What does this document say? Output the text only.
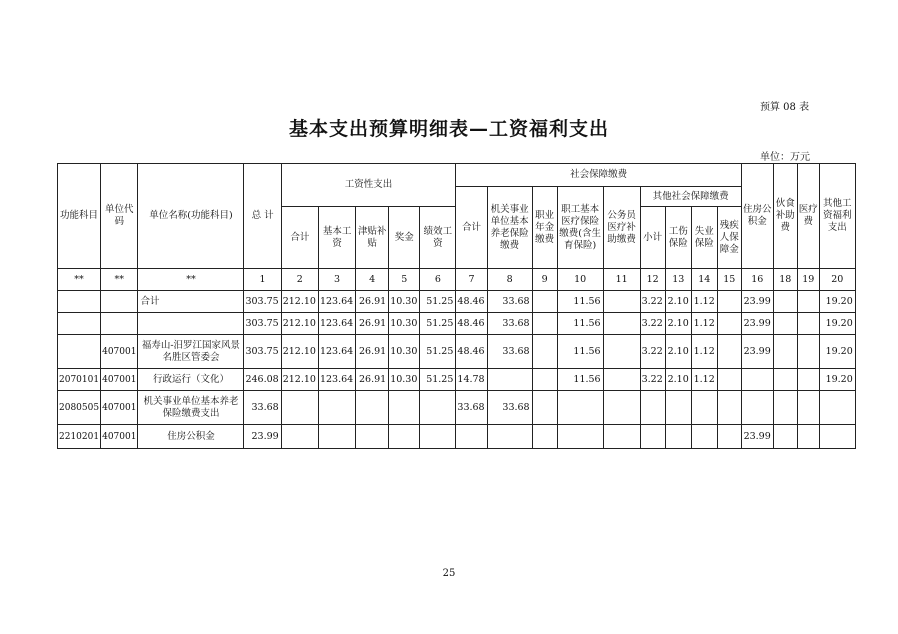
预算 08 表
基本支出预算明细表—工资福利支出
单位：万元
功能科目	单位代码	单位名称(功能科目)	总 计	工资性支出					社会保障缴费									住房公积金	伙食补助费	医疗费	其他工资福利支出
									合计	机关事业单位基本养老保险缴费	职业年金缴费	职工基本医疗保险缴费(含生育保险)	公务员医疗补助缴费	其他社会保障缴费							
				合计	基本工资	津贴补贴	奖金	绩效工资						小计	工伤保险	失业保险	残疾人保障金				
**	**	**	1	2	3	4	5	6	7	8	9	10	11	12	13	14	15	16	18	19	20
		合计	303.75	212.10	123.64	26.91	10.30	51.25	48.46	33.68		11.56		3.22	2.10	1.12		23.99			19.20
			303.75	212.10	123.64	26.91	10.30	51.25	48.46	33.68		11.56		3.22	2.10	1.12		23.99			19.20
	407001	福寿山-汨罗江国家风景名胜区管委会	303.75	212.10	123.64	26.91	10.30	51.25	48.46	33.68		11.56		3.22	2.10	1.12		23.99			19.20
2070101	407001	行政运行（文化）	246.08	212.10	123.64	26.91	10.30	51.25	14.78			11.56		3.22	2.10	1.12					19.20
2080505	407001	机关事业单位基本养老保险缴费支出	33.68						33.68	33.68											
2210201	407001	住房公积金	23.99															23.99			
25
